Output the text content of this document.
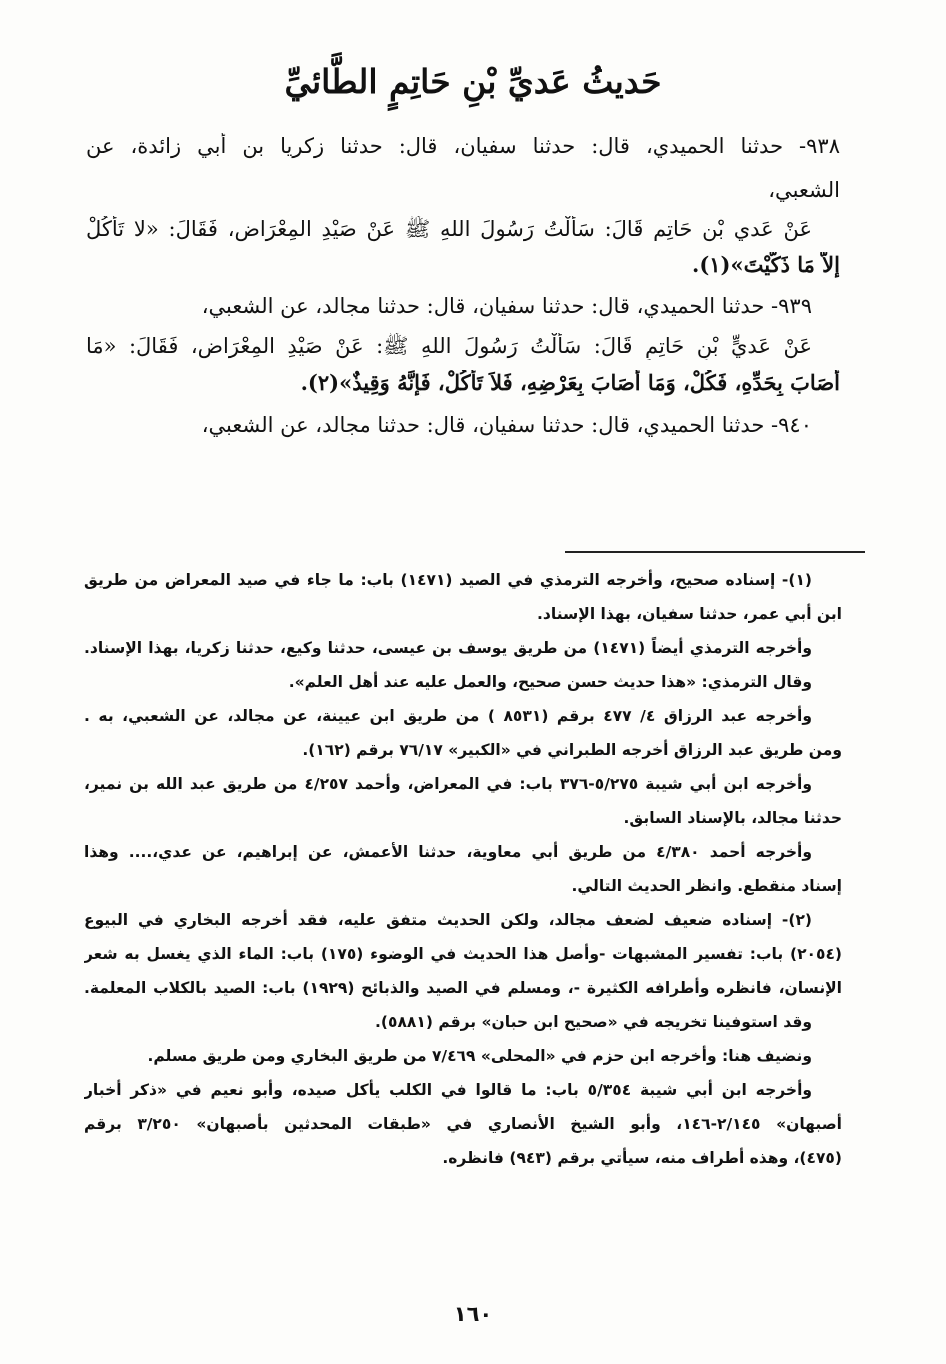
حَديثُ عَديِّ بْنِ حَاتِمٍ الطَّائيِّ
٩٣٨- حدثنا الحميدي، قال: حدثنا سفيان، قال: حدثنا زكريا بن أبي زائدة، عن
الشعبي،
عَنْ عَديِ بْنِ حَاتِمٍ قَالَ: سَأَلْتُ رَسُولَ اللهِ ﷺ عَنْ صَيْدِ المِعْرَاضِ، فَقَالَ: «لا تَأْكُلْ
إلاَّ مَا ذَكَّيْتَ»(١).
٩٣٩- حدثنا الحميدي، قال: حدثنا سفيان، قال: حدثنا مجالد، عن الشعبي،
عَنْ عَديٍّ بْنِ حَاتِمٍ قَالَ: سَأَلْتُ رَسُولَ اللهِ ﷺ: عَنْ صَيْدِ المِعْرَاضِ، فَقَالَ: «مَا
أَصَابَ بِحَدِّهِ، فَكُلْ، وَمَا أَصَابَ بِعَرْضِهِ، فَلاَ تَأْكُلْ، فَإِنَّهُ وَقِيذٌ»(٢).
٩٤٠- حدثنا الحميدي، قال: حدثنا سفيان، قال: حدثنا مجالد، عن الشعبي،
(١)- إسناده صحيح، وأخرجه الترمذي في الصيد (١٤٧١) باب: ما جاء في صيد المعراض من طريق
ابن أبي عمر، حدثنا سفيان، بهذا الإسناد.
وأخرجه الترمذي أيضاً (١٤٧١) من طريق يوسف بن عيسى، حدثنا وكيع، حدثنا زكريا، بهذا الإسناد.
وقال الترمذي: «هذا حديث حسن صحيح، والعمل عليه عند أهل العلم».
وأخرجه عبد الرزاق ٤/ ٤٧٧ برقم (٨٥٣١ ) من طريق ابن عيينة، عن مجالد، عن الشعبي، به .
ومن طريق عبد الرزاق أخرجه الطبراني في «الكبير» ٧٦/١٧ برقم (١٦٢).
وأخرجه ابن أبي شيبة ٥/٢٧٥-٣٧٦ باب: في المعراض، وأحمد ٤/٢٥٧ من طريق عبد الله بن نمير،
حدثنا مجالد، بالإسناد السابق.
وأخرجه أحمد ٤/٣٨٠ من طريق أبي معاوية، حدثنا الأعمش، عن إبراهيم، عن عدي،.... وهذا
إسناد منقطع. وانظر الحديث التالي.
(٢)- إسناده ضعيف لضعف مجالد، ولكن الحديث متفق عليه، فقد أخرجه البخاري في البيوع
(٢٠٥٤) باب: تفسير المشبهات -وأصل هذا الحديث في الوضوء (١٧٥) باب: الماء الذي يغسل به شعر
الإنسان، فانظره وأطرافه الكثيرة -، ومسلم في الصيد والذبائح (١٩٢٩) باب: الصيد بالكلاب المعلمة.
وقد استوفينا تخريجه في «صحيح ابن حبان» برقم (٥٨٨١).
ونضيف هنا: وأخرجه ابن حزم في «المحلى» ٧/٤٦٩ من طريق البخاري ومن طريق مسلم.
وأخرجه ابن أبي شيبة ٥/٣٥٤ باب: ما قالوا في الكلب يأكل صيده، وأبو نعيم في «ذكر أخبار
أصبهان» ٢/١٤٥-١٤٦، وأبو الشيخ الأنصاري في «طبقات المحدثين بأصبهان» ٣/٢٥٠ برقم
(٤٧٥)، وهذه أطراف منه، سيأتي برقم (٩٤٣) فانظره.
١٦٠
